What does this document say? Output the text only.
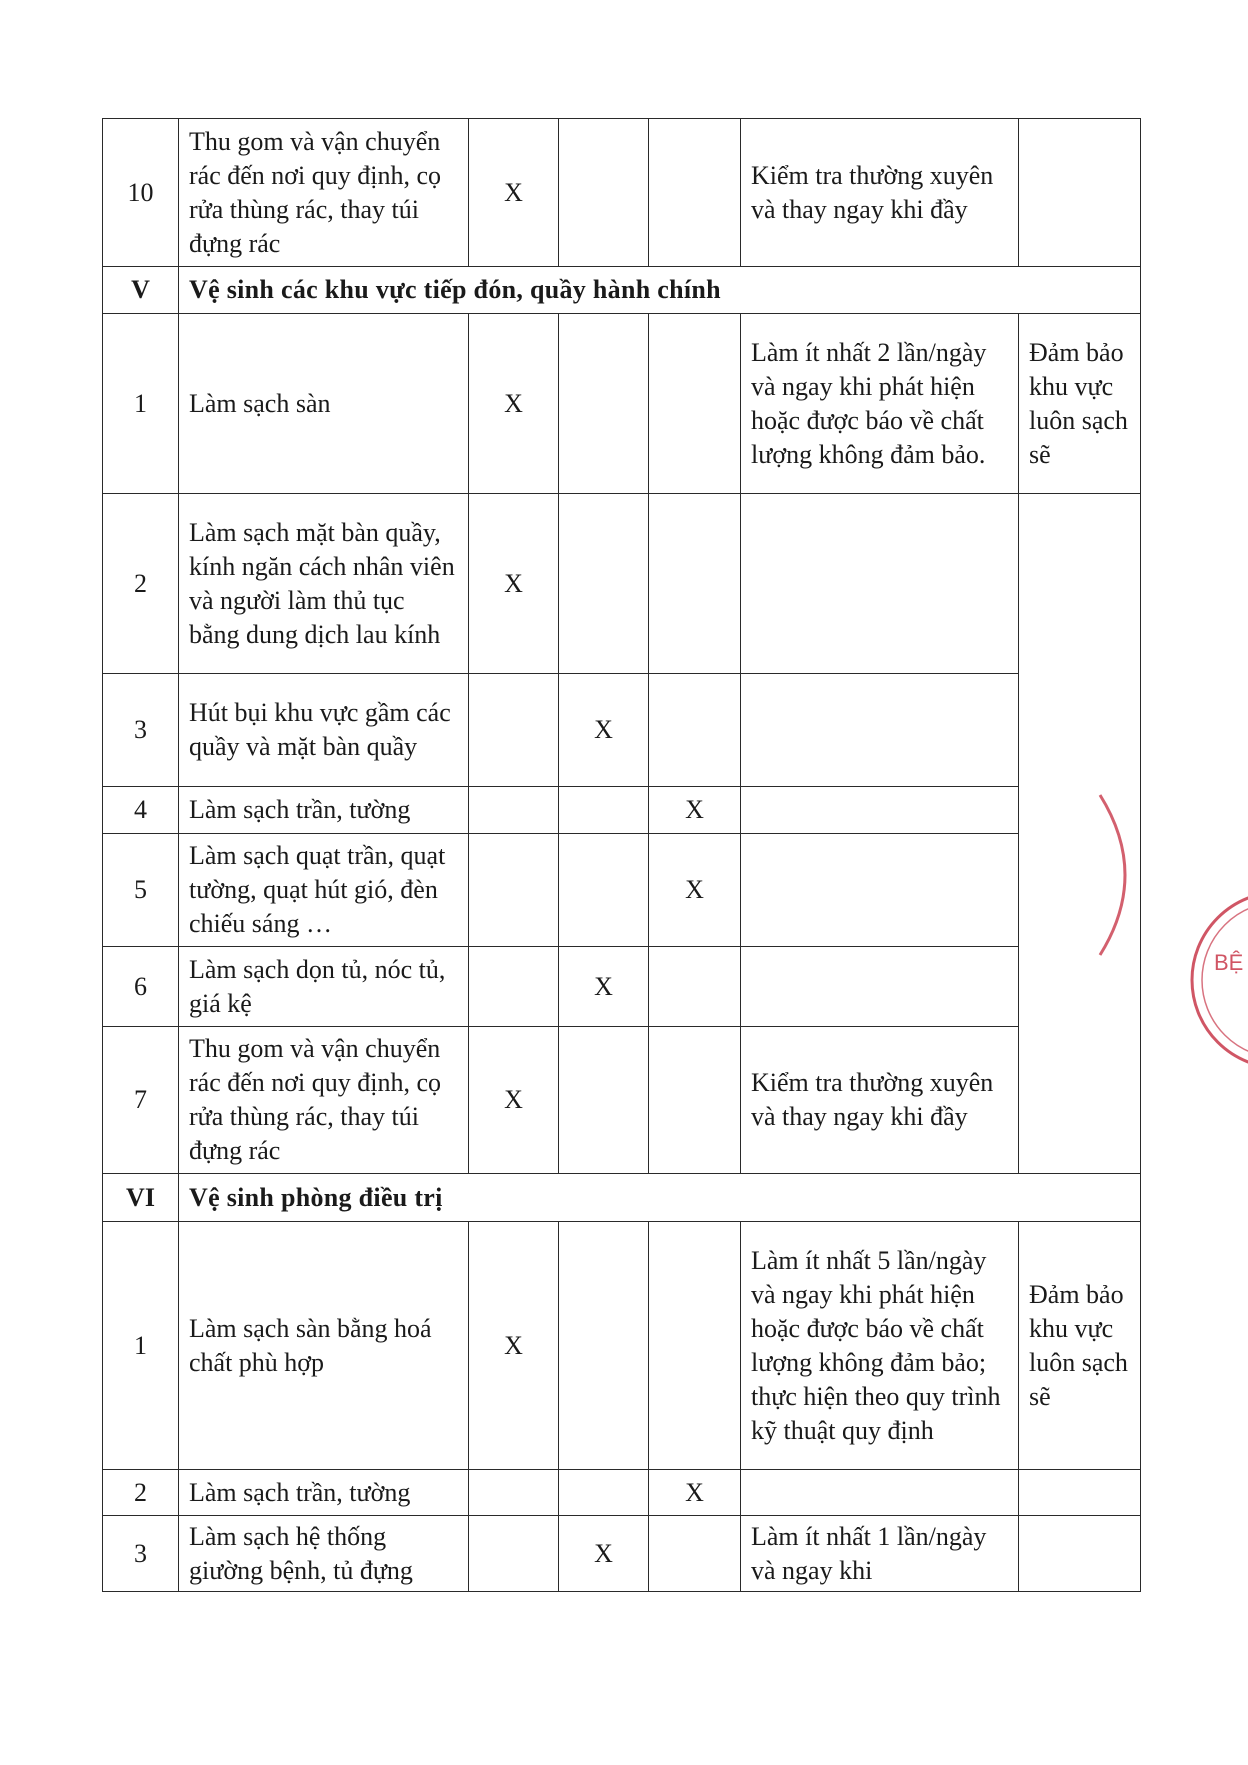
10	Thu gom và vận chuyển rác đến nơi quy định, cọ rửa thùng rác, thay túi đựng rác	X			Kiểm tra thường xuyên và thay ngay khi đầy	
V	Vệ sinh các khu vực tiếp đón, quầy hành chính					
1	Làm sạch sàn	X			Làm ít nhất 2 lần/ngày và ngay khi phát hiện hoặc được báo về chất lượng không đảm bảo.	Đảm bảo khu vực luôn sạch sẽ
2	Làm sạch mặt bàn quầy, kính ngăn cách nhân viên và người làm thủ tục bằng dung dịch lau kính	X				
3	Hút bụi khu vực gầm các quầy và mặt bàn quầy		X			
4	Làm sạch trần, tường			X		
5	Làm sạch quạt trần, quạt tường, quạt hút gió, đèn chiếu sáng …			X		
6	Làm sạch dọn tủ, nóc tủ, giá kệ		X			
7	Thu gom và vận chuyển rác đến nơi quy định, cọ rửa thùng rác, thay túi đựng rác	X			Kiểm tra thường xuyên và thay ngay khi đầy	
VI	Vệ sinh phòng điều trị					
1	Làm sạch sàn bằng hoá chất phù hợp	X			Làm ít nhất 5 lần/ngày và ngay khi phát hiện hoặc được báo về chất lượng không đảm bảo; thực hiện theo quy trình kỹ thuật quy định	Đảm bảo khu vực luôn sạch sẽ
2	Làm sạch trần, tường			X		
3	Làm sạch hệ thống giường bệnh, tủ đựng		X		Làm ít nhất 1 lần/ngày và ngay khi	
BỆ
